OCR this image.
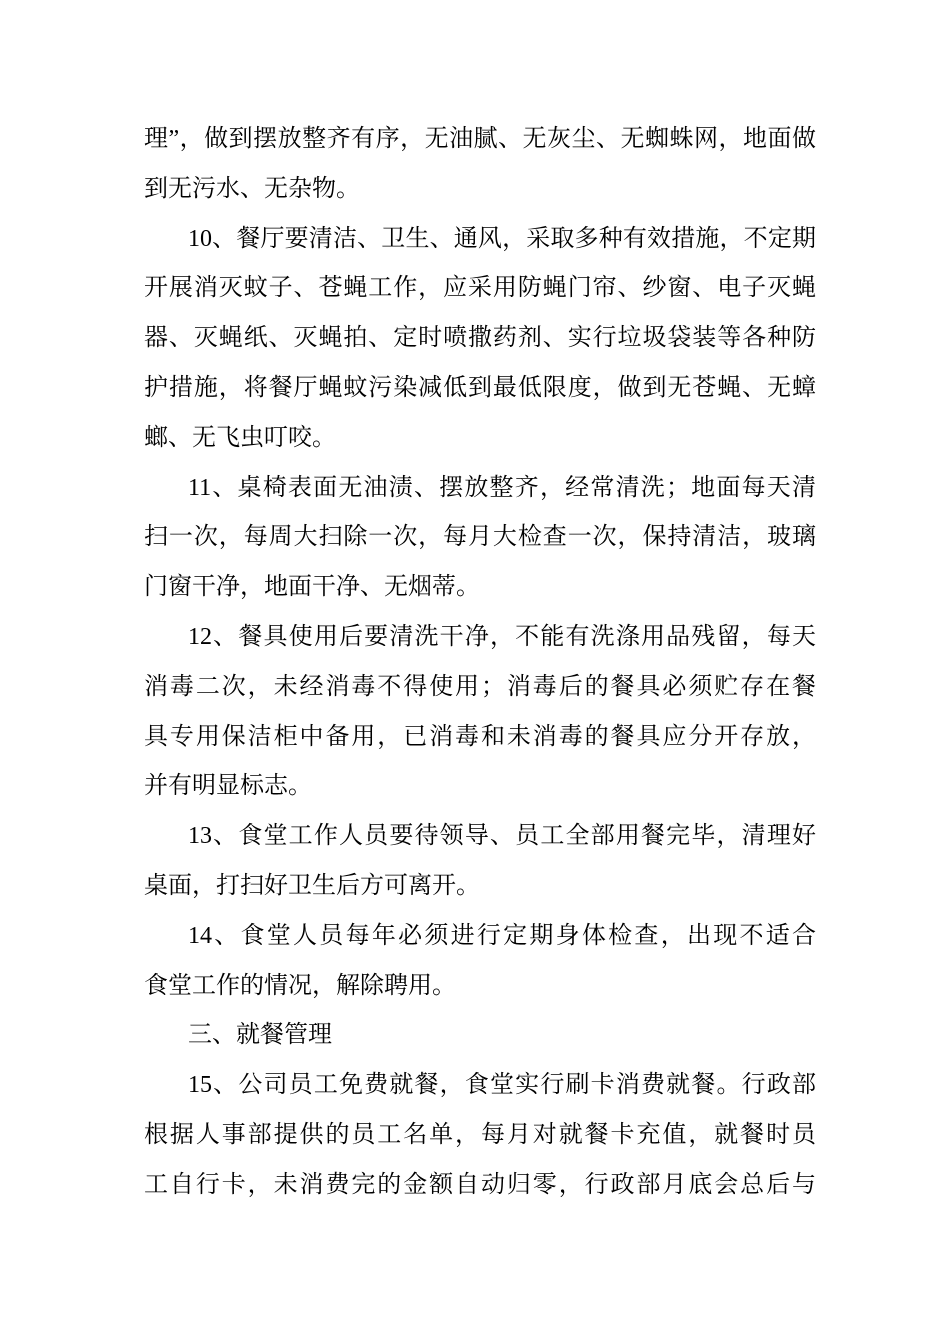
理”，做到摆放整齐有序，无油腻、无灰尘、无蜘蛛网，地面做
到无污水、无杂物。
10、餐厅要清洁、卫生、通风，采取多种有效措施，不定期
开展消灭蚊子、苍蝇工作，应采用防蝇门帘、纱窗、电子灭蝇
器、灭蝇纸、灭蝇拍、定时喷撒药剂、实行垃圾袋装等各种防
护措施，将餐厅蝇蚊污染减低到最低限度，做到无苍蝇、无蟑
螂、无飞虫叮咬。
11、桌椅表面无油渍、摆放整齐，经常清洗；地面每天清
扫一次，每周大扫除一次，每月大检查一次，保持清洁，玻璃
门窗干净，地面干净、无烟蒂。
12、餐具使用后要清洗干净，不能有洗涤用品残留，每天
消毒二次，未经消毒不得使用；消毒后的餐具必须贮存在餐
具专用保洁柜中备用，已消毒和未消毒的餐具应分开存放，
并有明显标志。
13、食堂工作人员要待领导、员工全部用餐完毕，清理好
桌面，打扫好卫生后方可离开。
14、食堂人员每年必须进行定期身体检查，出现不适合
食堂工作的情况，解除聘用。
三、就餐管理
15、公司员工免费就餐，食堂实行刷卡消费就餐。行政部
根据人事部提供的员工名单，每月对就餐卡充值，就餐时员
工自行卡，未消费完的金额自动归零，行政部月底会总后与
